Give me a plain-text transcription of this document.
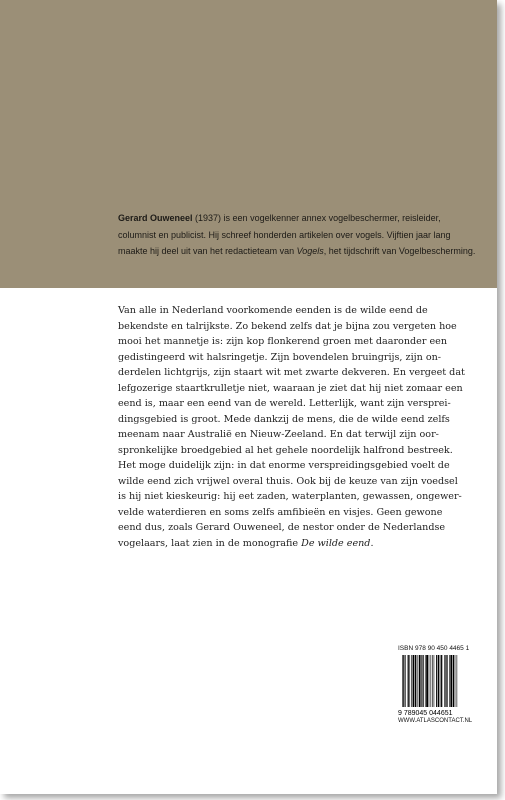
Gerard Ouweneel (1937) is een vogelkenner annex vogelbeschermer, reisleider, columnist en publicist. Hij schreef honderden artikelen over vogels. Vijftien jaar lang maakte hij deel uit van het redactieteam van Vogels, het tijdschrift van Vogelbescherming.

Van alle in Nederland voorkomende eenden is de wilde eend de
bekendste en talrijkste. Zo bekend zelfs dat je bijna zou vergeten hoe
mooi het mannetje is: zijn kop flonkerend groen met daaronder een
gedistingeerd wit halsringetje. Zijn bovendelen bruingrijs, zijn on-
derdelen lichtgrijs, zijn staart wit met zwarte dekveren. En vergeet dat
lefgozerige staartkrulletje niet, waaraan je ziet dat hij niet zomaar een
eend is, maar een eend van de wereld. Letterlijk, want zijn versprei-
dingsgebied is groot. Mede dankzij de mens, die de wilde eend zelfs
meenam naar Australië en Nieuw-Zeeland. En dat terwijl zijn oor-
spronkelijke broedgebied al het gehele noordelijk halfrond bestreek.
Het moge duidelijk zijn: in dat enorme verspreidingsgebied voelt de
wilde eend zich vrijwel overal thuis. Ook bij de keuze van zijn voedsel
is hij niet kieskeurig: hij eet zaden, waterplanten, gewassen, ongewer-
velde waterdieren en soms zelfs amfibieën en visjes. Geen gewone
eend dus, zoals Gerard Ouweneel, de nestor onder de Nederlandse
vogelaars, laat zien in de monografie De wilde eend.

ISBN 978 90 450 4465 1
9 789045 044651
WWW.ATLASCONTACT.NL
